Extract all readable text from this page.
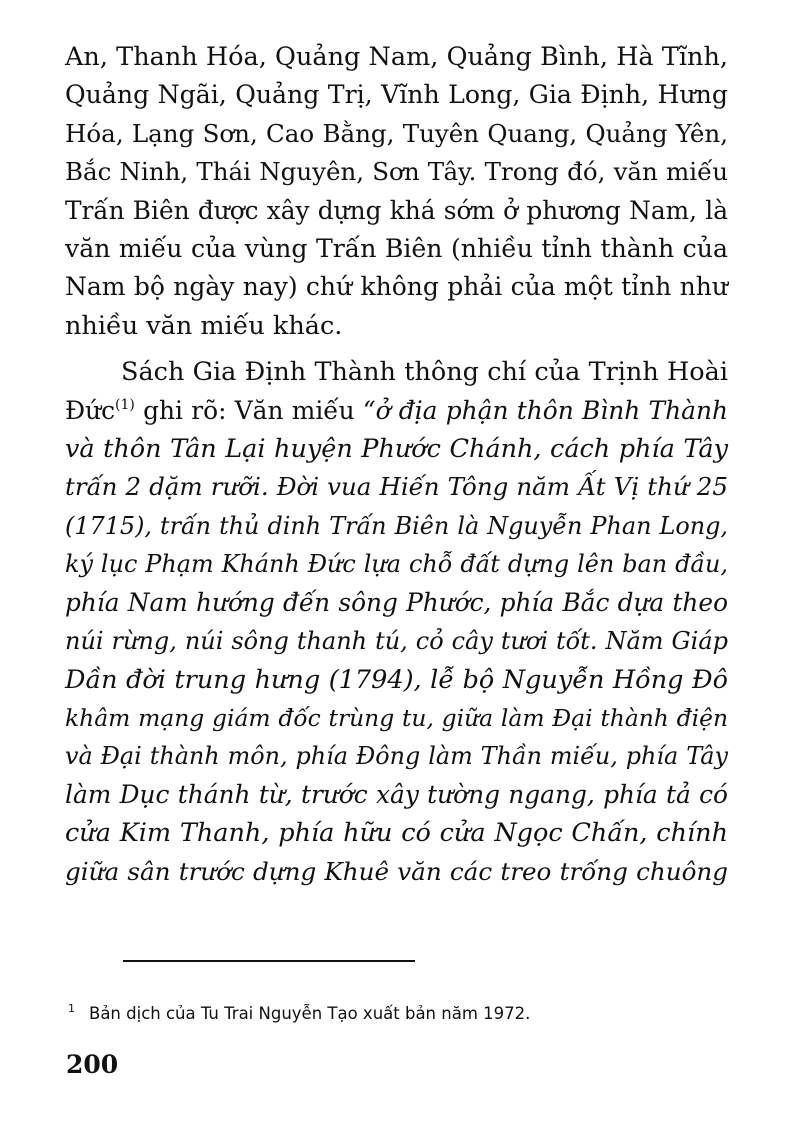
An, Thanh Hóa, Quảng Nam, Quảng Bình, Hà Tĩnh,
Quảng Ngãi, Quảng Trị, Vĩnh Long, Gia Định, Hưng
Hóa, Lạng Sơn, Cao Bằng, Tuyên Quang, Quảng Yên,
Bắc Ninh, Thái Nguyên, Sơn Tây. Trong đó, văn miếu
Trấn Biên được xây dựng khá sớm ở phương Nam, là
văn miếu của vùng Trấn Biên (nhiều tỉnh thành của
Nam bộ ngày nay) chứ không phải của một tỉnh như
nhiều văn miếu khác.

Sách Gia Định Thành thông chí của Trịnh Hoài
Đức$^{(1)}$ ghi rõ: Văn miếu “ở địa phận thôn Bình Thành
và thôn Tân Lại huyện Phước Chánh, cách phía Tây
trấn 2 dặm rưỡi. Đời vua Hiến Tông năm Ất Vị thứ 25
(1715), trấn thủ dinh Trấn Biên là Nguyễn Phan Long,
ký lục Phạm Khánh Đức lựa chỗ đất dựng lên ban đầu,
phía Nam hướng đến sông Phước, phía Bắc dựa theo
núi rừng, núi sông thanh tú, cỏ cây tươi tốt. Năm Giáp
Dần đời trung hưng (1794), lễ bộ Nguyễn Hồng Đô
khâm mạng giám đốc trùng tu, giữa làm Đại thành điện
và Đại thành môn, phía Đông làm Thần miếu, phía Tây
làm Dục thánh từ, trước xây tường ngang, phía tả có
cửa Kim Thanh, phía hữu có cửa Ngọc Chấn, chính
giữa sân trước dựng Khuê văn các treo trống chuông

$^1$ Bản dịch của Tu Trai Nguyễn Tạo xuất bản năm 1972.
200
